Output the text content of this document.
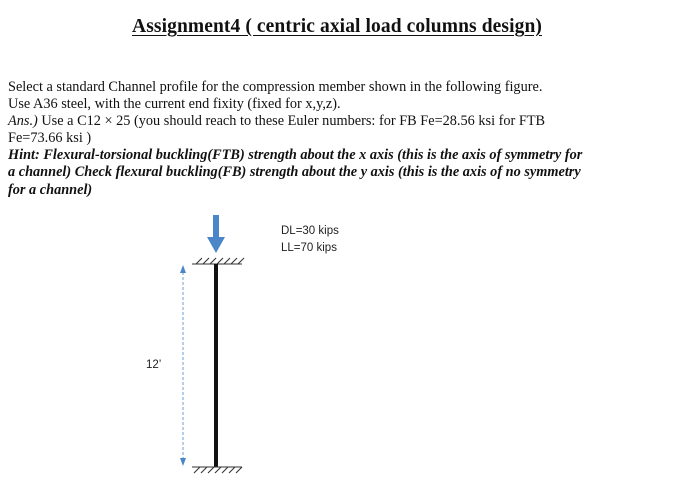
Assignment4 ( centric axial load columns design)

Select a standard Channel profile for the compression member shown in the following figure.

Use A36 steel, with the current end fixity (fixed for x,y,z).

Ans.) Use a C12 × 25 (you should reach to these Euler numbers: for FB Fe=28.56 ksi for FTB

Fe=73.66 ksi )

Hint: Flexural-torsional buckling(FTB) strength about the x axis (this is the axis of symmetry for

a channel) Check flexural buckling(FB) strength about the y axis (this is the axis of no symmetry

for a channel)

DL=30 kips
LL=70 kips
12’
